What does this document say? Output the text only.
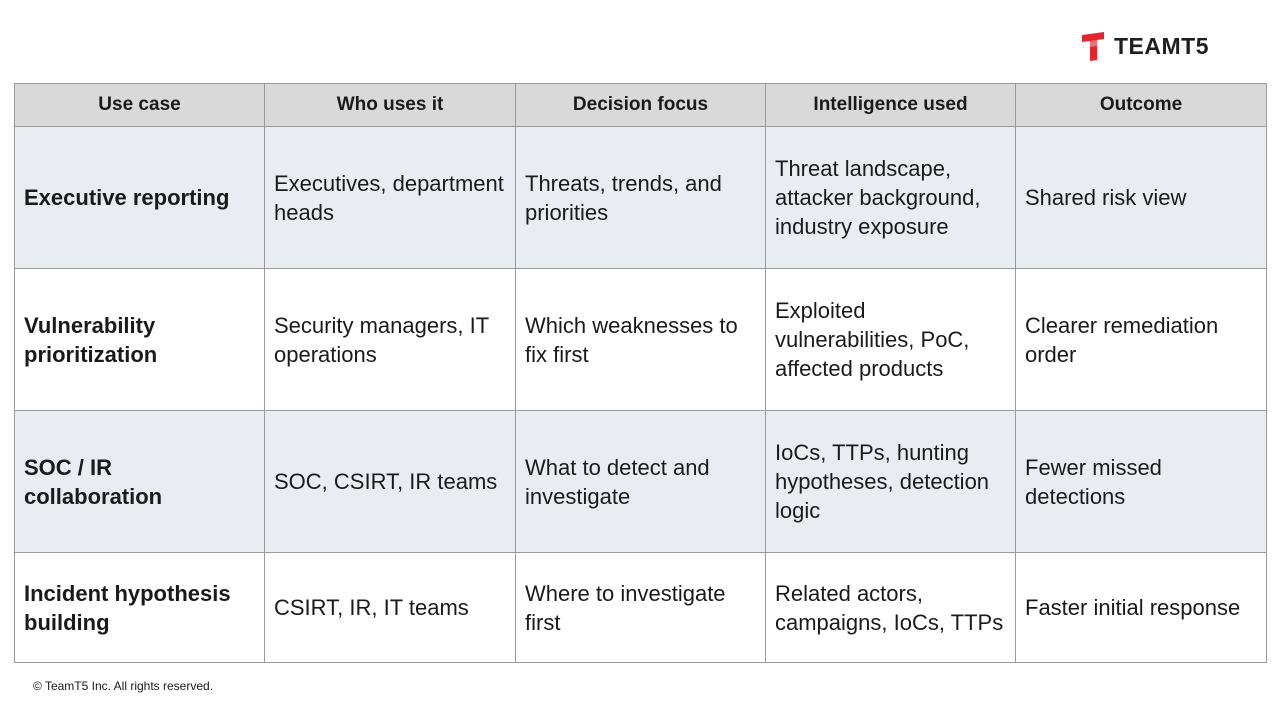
TEAMT5
Use case	Who uses it	Decision focus	Intelligence used	Outcome
Executive reporting	Executives, department heads	Threats, trends, and priorities	Threat landscape, attacker background, industry exposure	Shared risk view
Vulnerability prioritization	Security managers, IT operations	Which weaknesses to fix first	Exploited vulnerabilities, PoC, affected products	Clearer remediation order
SOC / IR collaboration	SOC, CSIRT, IR teams	What to detect and investigate	IoCs, TTPs, hunting hypotheses, detection logic	Fewer missed detections
Incident hypothesis building	CSIRT, IR, IT teams	Where to investigate first	Related actors, campaigns, IoCs, TTPs	Faster initial response
© TeamT5 Inc. All rights reserved.
